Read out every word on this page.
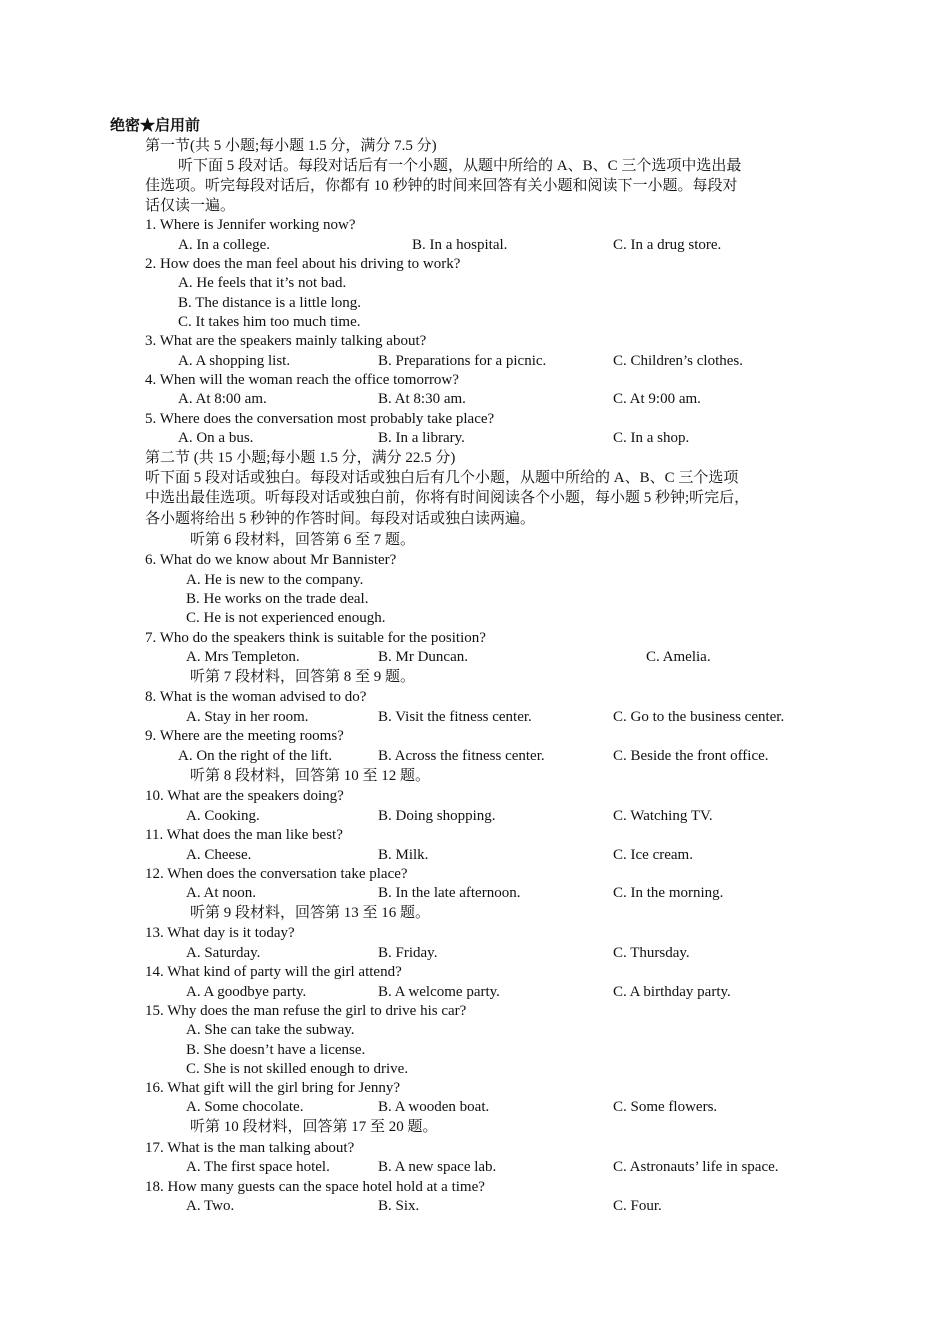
绝密★启用前
第一节(共 5 小题;每小题 1.5 分，满分 7.5 分)
听下面 5 段对话。每段对话后有一个小题，从题中所给的 A、B、C 三个选项中选出最
佳选项。听完每段对话后，你都有 10 秒钟的时间来回答有关小题和阅读下一小题。每段对
话仅读一遍。
1. Where is Jennifer working now?
A. In a college.	B. In a hospital.	C. In a drug store.
2. How does the man feel about his driving to work?
A. He feels that it’s not bad.
B. The distance is a little long.
C. It takes him too much time.
3. What are the speakers mainly talking about?
A. A shopping list.	B. Preparations for a picnic.	C. Children’s clothes.
4. When will the woman reach the office tomorrow?
A. At 8:00 am.	B. At 8:30 am.	C. At 9:00 am.
5. Where does the conversation most probably take place?
A. On a bus.	B. In a library.	C. In a shop.
第二节 (共 15 小题;每小题 1.5 分，满分 22.5 分)
听下面 5 段对话或独白。每段对话或独白后有几个小题，从题中所给的 A、B、C 三个选项
中选出最佳选项。听每段对话或独白前，你将有时间阅读各个小题，每小题 5 秒钟;听完后，
各小题将给出 5 秒钟的作答时间。每段对话或独白读两遍。
听第 6 段材料，回答第 6 至 7 题。
6. What do we know about Mr Bannister?
A. He is new to the company.
B. He works on the trade deal.
C. He is not experienced enough.
7. Who do the speakers think is suitable for the position?
A. Mrs Templeton.	B. Mr Duncan.	C. Amelia.
听第 7 段材料，回答第 8 至 9 题。
8. What is the woman advised to do?
A. Stay in her room.	B. Visit the fitness center.	C. Go to the business center.
9. Where are the meeting rooms?
A. On the right of the lift.	B. Across the fitness center.	C. Beside the front office.
听第 8 段材料，回答第 10 至 12 题。
10. What are the speakers doing?
A. Cooking.	B. Doing shopping.	C. Watching TV.
11. What does the man like best?
A. Cheese.	B. Milk.	C. Ice cream.
12. When does the conversation take place?
A. At noon.	B. In the late afternoon.	C. In the morning.
听第 9 段材料，回答第 13 至 16 题。
13. What day is it today?
A. Saturday.	B. Friday.	C. Thursday.
14. What kind of party will the girl attend?
A. A goodbye party.	B. A welcome party.	C. A birthday party.
15. Why does the man refuse the girl to drive his car?
A. She can take the subway.
B. She doesn’t have a license.
C. She is not skilled enough to drive.
16. What gift will the girl bring for Jenny?
A. Some chocolate.	B. A wooden boat.	C. Some flowers.
听第 10 段材料，回答第 17 至 20 题。
17. What is the man talking about?
A. The first space hotel.	B. A new space lab.	C. Astronauts’ life in space.
18. How many guests can the space hotel hold at a time?
A. Two.	B. Six.	C. Four.
